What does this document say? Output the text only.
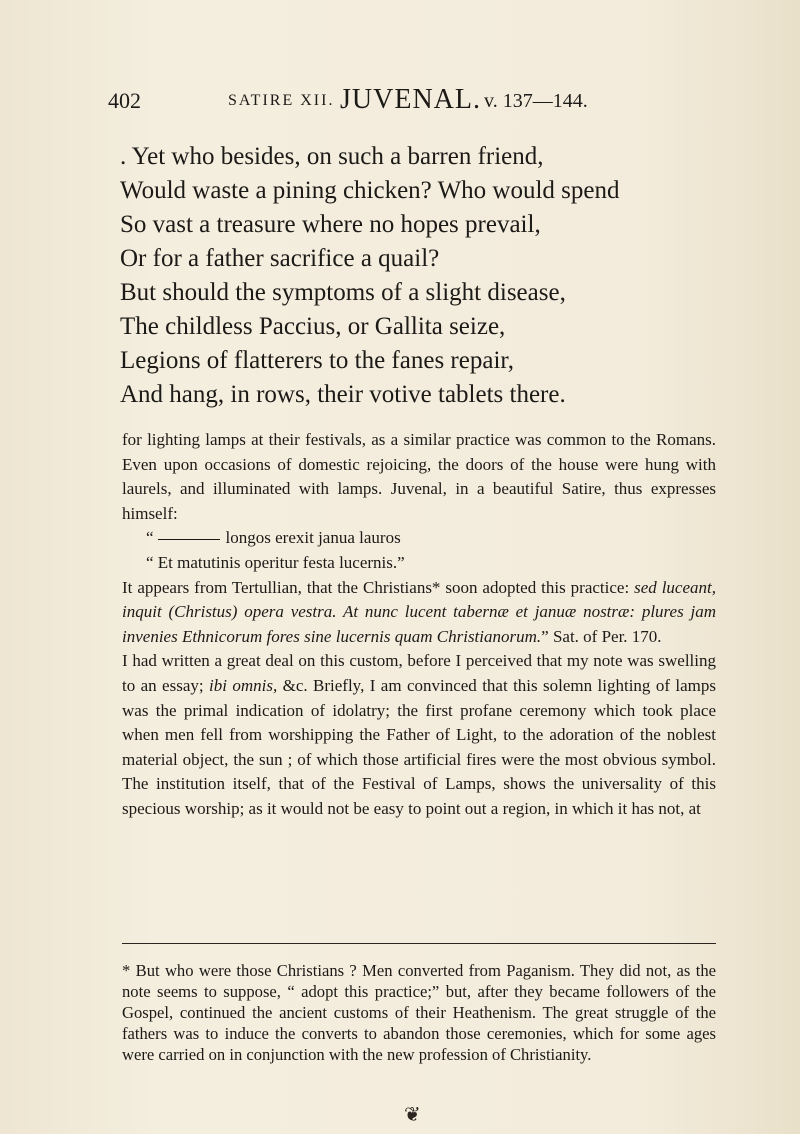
402	SATIRE XII. JUVENAL. v. 137—144.
. Yet who besides, on such a barren friend,
Would waste a pining chicken? Who would spend
So vast a treasure where no hopes prevail,
Or for a father sacrifice a quail?
But should the symptoms of a slight disease,
The childless Paccius, or Gallita seize,
Legions of flatterers to the fanes repair,
And hang, in rows, their votive tablets there.

for lighting lamps at their festivals, as a similar practice was common to the Romans. Even upon occasions of domestic rejoicing, the doors of the house were hung with laurels, and illuminated with lamps. Juvenal, in a beautiful Satire, thus expresses himself:

“	longos erexit janua lauros
“ Et matutinis operitur festa lucernis.”

It appears from Tertullian, that the Christians* soon adopted this practice: sed luceant, inquit (Christus) opera vestra. At nunc lucent tabernæ et januæ nostræ: plures jam invenies Ethnicorum fores sine lucernis quam Christianorum.” Sat. of Per. 170.

I had written a great deal on this custom, before I perceived that my note was swelling to an essay; ibi omnis, &c. Briefly, I am convinced that this solemn lighting of lamps was the primal indication of idolatry; the first profane ceremony which took place when men fell from worshipping the Father of Light, to the adoration of the noblest material object, the sun ; of which those artificial fires were the most obvious symbol. The institution itself, that of the Festival of Lamps, shows the universality of this specious worship; as it would not be easy to point out a region, in which it has not, at

* But who were those Christians ? Men converted from Paganism. They did not, as the note seems to suppose, “ adopt this practice;” but, after they became followers of the Gospel, continued the ancient customs of their Heathenism. The great struggle of the fathers was to induce the converts to abandon those ceremonies, which for some ages were carried on in conjunction with the new profession of Christianity.
❦
